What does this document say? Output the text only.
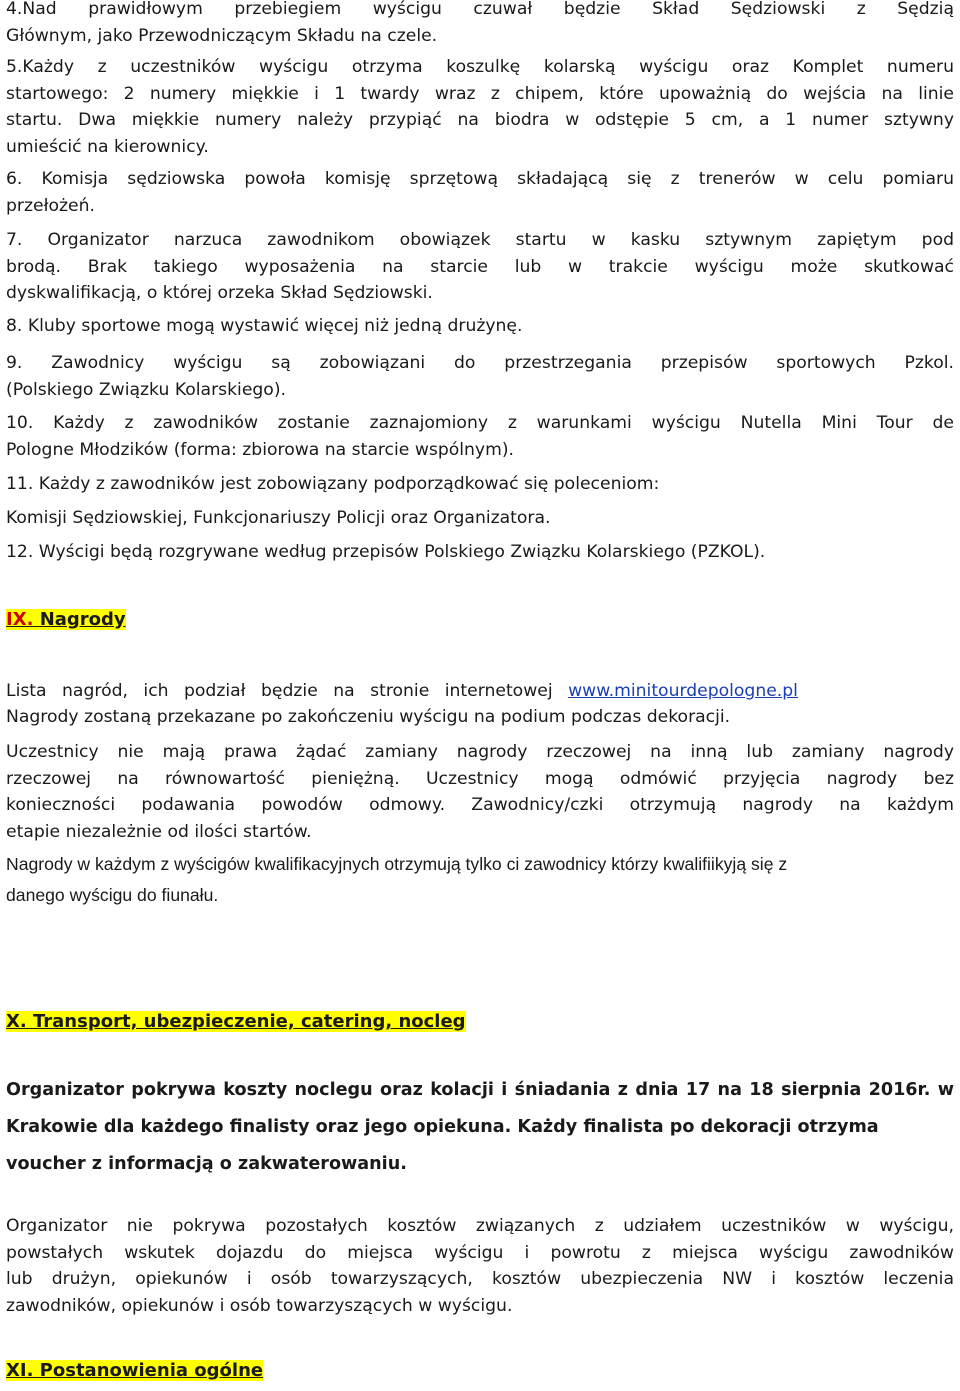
4.Nad prawidłowym przebiegiem wyścigu czuwał będzie Skład Sędziowski z Sędzią
Głównym, jako Przewodniczącym Składu na czele.
5.Każdy z uczestników wyścigu otrzyma koszulkę kolarską wyścigu oraz Komplet numeru
startowego: 2 numery miękkie i 1 twardy wraz z chipem, które upoważnią do wejścia na linie
startu. Dwa miękkie numery należy przypiąć na biodra w odstępie 5 cm, a 1 numer sztywny
umieścić na kierownicy.
6. Komisja sędziowska powoła komisję sprzętową składającą się z trenerów w celu pomiaru
przełożeń.
7. Organizator narzuca zawodnikom obowiązek startu w kasku sztywnym zapiętym pod
brodą. Brak takiego wyposażenia na starcie lub w trakcie wyścigu może skutkować
dyskwalifikacją, o której orzeka Skład Sędziowski.
8. Kluby sportowe mogą wystawić więcej niż jedną drużynę.
9. Zawodnicy wyścigu są zobowiązani do przestrzegania przepisów sportowych Pzkol.
(Polskiego Związku Kolarskiego).
10. Każdy z zawodników zostanie zaznajomiony z warunkami wyścigu Nutella Mini Tour de
Pologne Młodzików (forma: zbiorowa na starcie wspólnym).
11. Każdy z zawodników jest zobowiązany podporządkować się poleceniom:
Komisji Sędziowskiej, Funkcjonariuszy Policji oraz Organizatora.
12. Wyścigi będą rozgrywane według przepisów Polskiego Związku Kolarskiego (PZKOL).
IX. Nagrody
Lista nagród, ich podział będzie na stronie internetowej www.minitourdepologne.pl
Nagrody zostaną przekazane po zakończeniu wyścigu na podium podczas dekoracji.
Uczestnicy nie mają prawa żądać zamiany nagrody rzeczowej na inną lub zamiany nagrody
rzeczowej na równowartość pieniężną. Uczestnicy mogą odmówić przyjęcia nagrody bez
konieczności podawania powodów odmowy. Zawodnicy/czki otrzymują nagrody na każdym
etapie niezależnie od ilości startów.
Nagrody w każdym z wyścigów kwalifikacyjnych otrzymują tylko ci zawodnicy którzy kwalifiikyją się z
danego wyścigu do fiunału.
X. Transport, ubezpieczenie, catering, nocleg
Organizator pokrywa koszty noclegu oraz kolacji i śniadania z dnia 17 na 18 sierpnia 2016r. w
Krakowie dla każdego finalisty oraz jego opiekuna. Każdy finalista po dekoracji otrzyma
voucher z informacją o zakwaterowaniu.
Organizator nie pokrywa pozostałych kosztów związanych z udziałem uczestników w wyścigu,
powstałych wskutek dojazdu do miejsca wyścigu i powrotu z miejsca wyścigu zawodników
lub drużyn, opiekunów i osób towarzyszących, kosztów ubezpieczenia NW i kosztów leczenia
zawodników, opiekunów i osób towarzyszących w wyścigu.
XI. Postanowienia ogólne
